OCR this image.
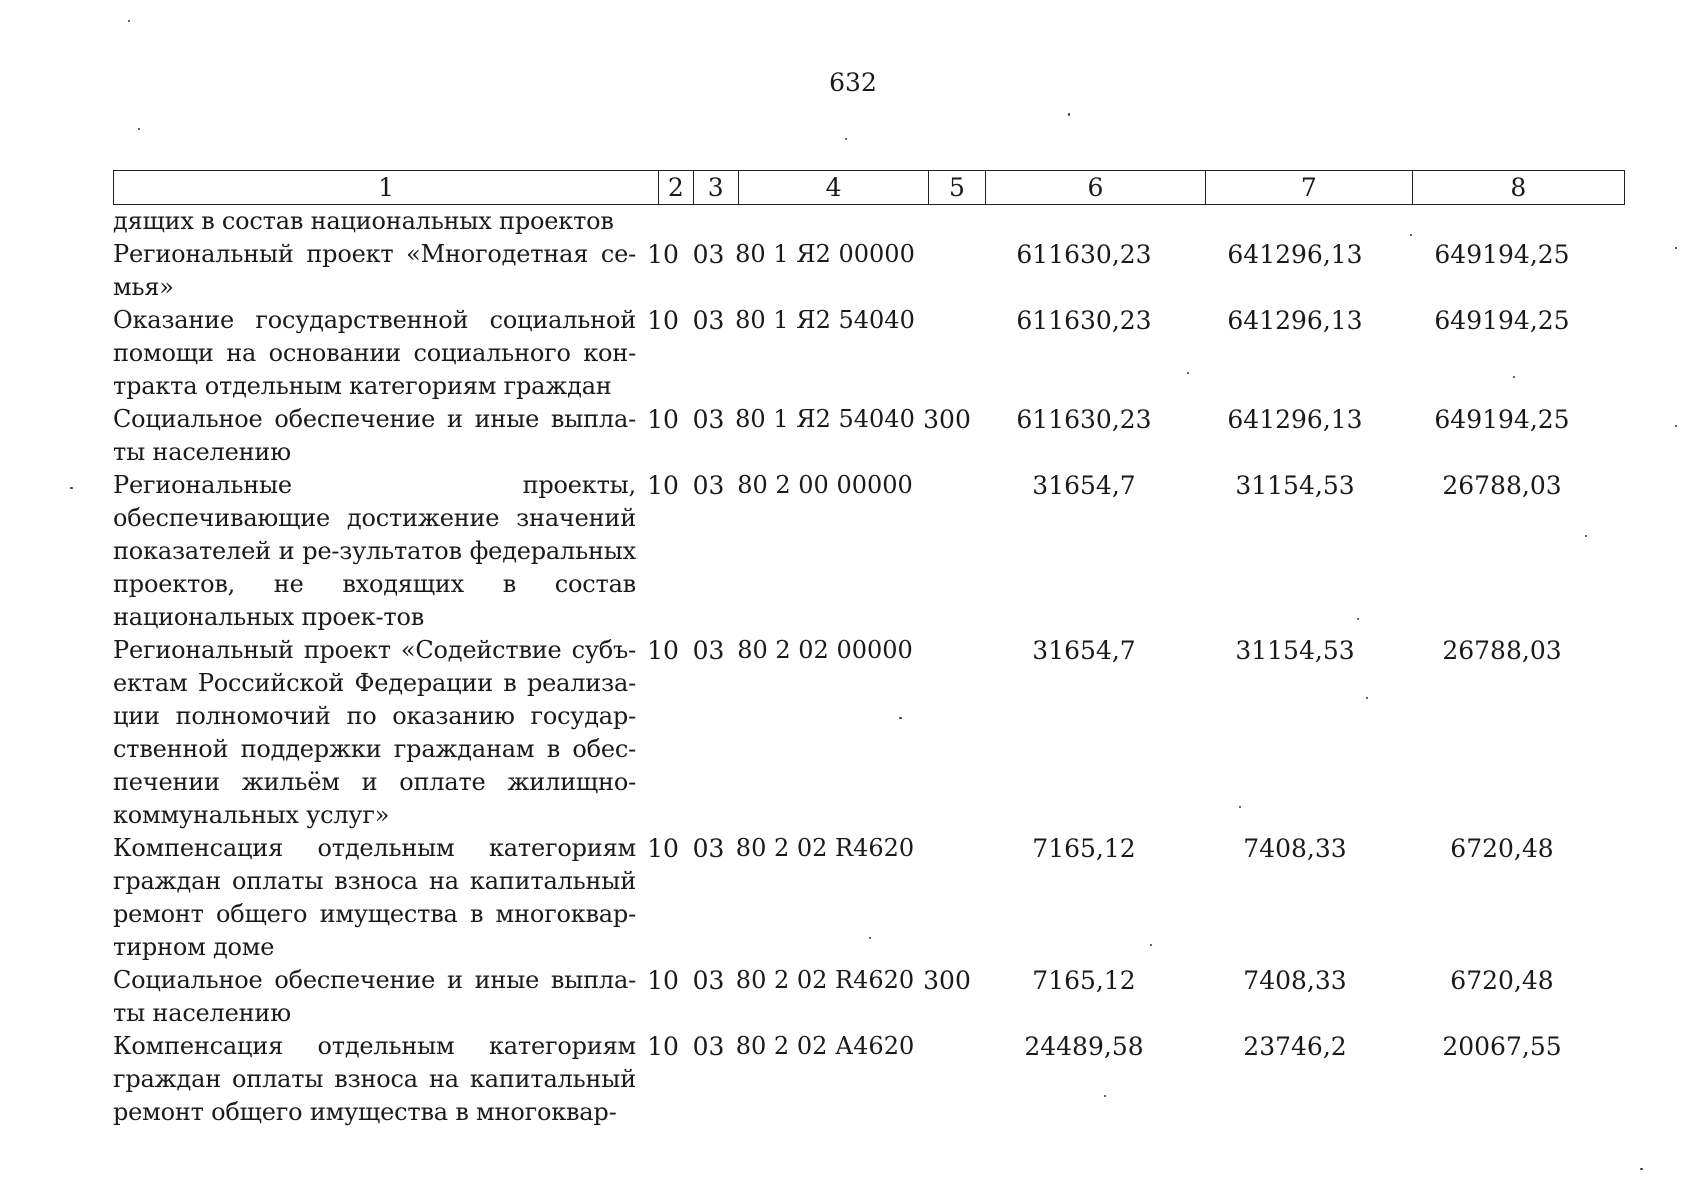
632
1	2	3	4	5	6	7	8
дящих в состав национальных проектов
Региональный проект «Многодетная се-мья»
10 03 80 1 Я2 00000	611630,23	641296,13	649194,25
Оказание государственной социальной помощи на основании социального кон-тракта отдельным категориям граждан
10 03 80 1 Я2 54040	611630,23	641296,13	649194,25
Социальное обеспечение и иные выпла-ты населению
10 03 80 1 Я2 54040 300	611630,23	641296,13	649194,25
Региональные проекты, обеспечивающие достижение значений показателей и ре-зультатов федеральных проектов, не входящих в состав национальных проек-тов
10 03 80 2 00 00000	31654,7	31154,53	26788,03
Региональный проект «Содействие субъ-ектам Российской Федерации в реализа-ции полномочий по оказанию государ-ственной поддержки гражданам в обес-печении жильём и оплате жилищно-коммунальных услуг»
10 03 80 2 02 00000	31654,7	31154,53	26788,03
Компенсация отдельным категориям граждан оплаты взноса на капитальный ремонт общего имущества в многоквар-тирном доме
10 03 80 2 02 R4620	7165,12	7408,33	6720,48
Социальное обеспечение и иные выпла-ты населению
10 03 80 2 02 R4620 300	7165,12	7408,33	6720,48
Компенсация отдельным категориям граждан оплаты взноса на капитальный ремонт общего имущества в многоквар-
10 03 80 2 02 А4620	24489,58	23746,2	20067,55
